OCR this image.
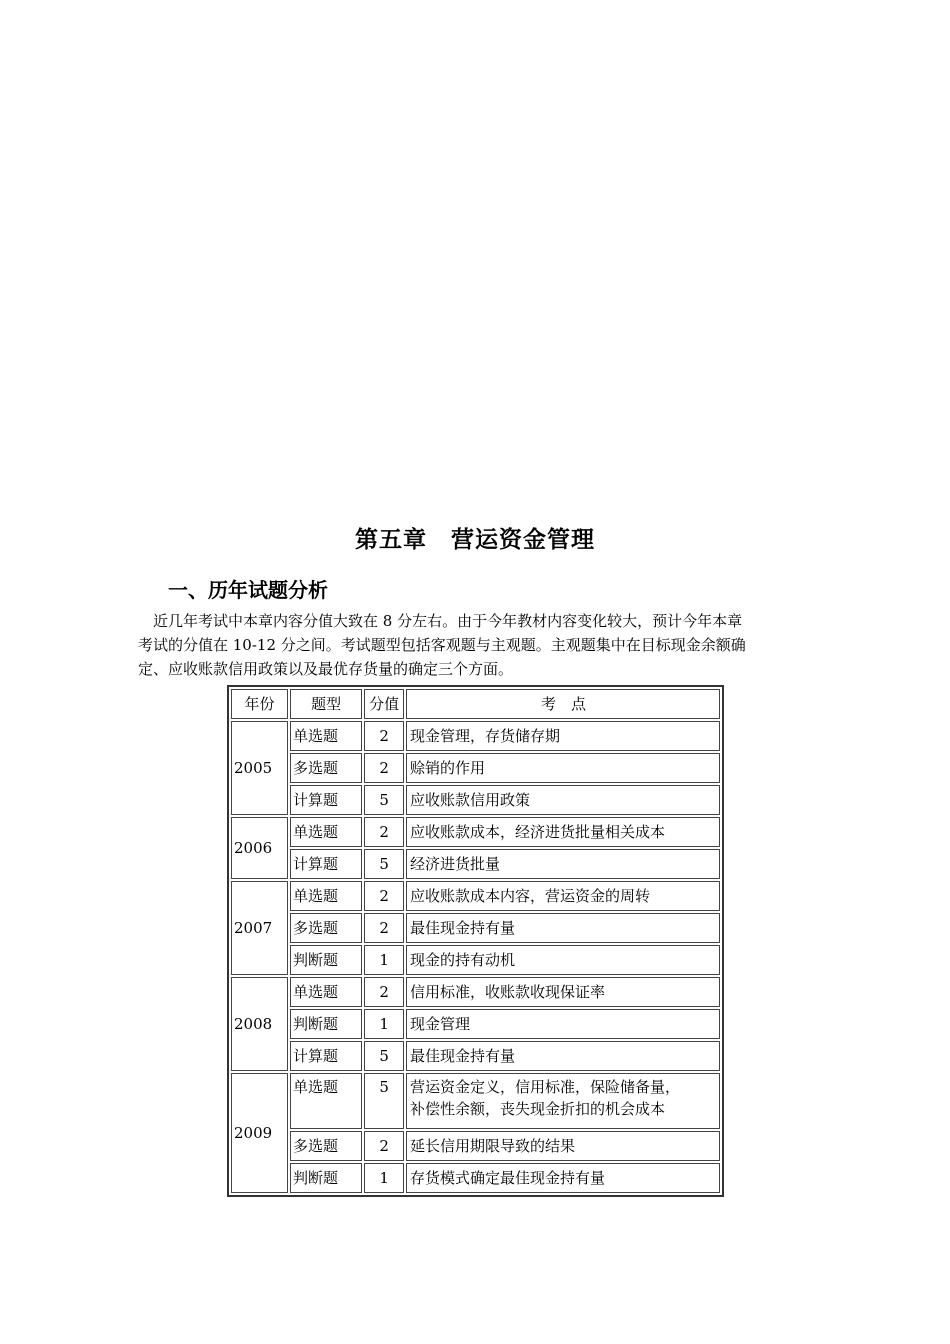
第五章　营运资金管理
一、历年试题分析
近几年考试中本章内容分值大致在 8 分左右。由于今年教材内容变化较大，预计今年本章
考试的分值在 10-12 分之间。考试题型包括客观题与主观题。主观题集中在目标现金余额确
定、应收账款信用政策以及最优存货量的确定三个方面。
年份	题型	分值	考　点
2005	单选题	2	现金管理，存货储存期
	多选题	2	赊销的作用
	计算题	5	应收账款信用政策
2006	单选题	2	应收账款成本，经济进货批量相关成本
	计算题	5	经济进货批量
2007	单选题	2	应收账款成本内容，营运资金的周转
	多选题	2	最佳现金持有量
	判断题	1	现金的持有动机
2008	单选题	2	信用标准，收账款收现保证率
	判断题	1	现金管理
	计算题	5	最佳现金持有量
2009	单选题	5	营运资金定义，信用标准，保险储备量，
补偿性余额，丧失现金折扣的机会成本

	多选题	2	延长信用期限导致的结果
	判断题	1	存货模式确定最佳现金持有量
